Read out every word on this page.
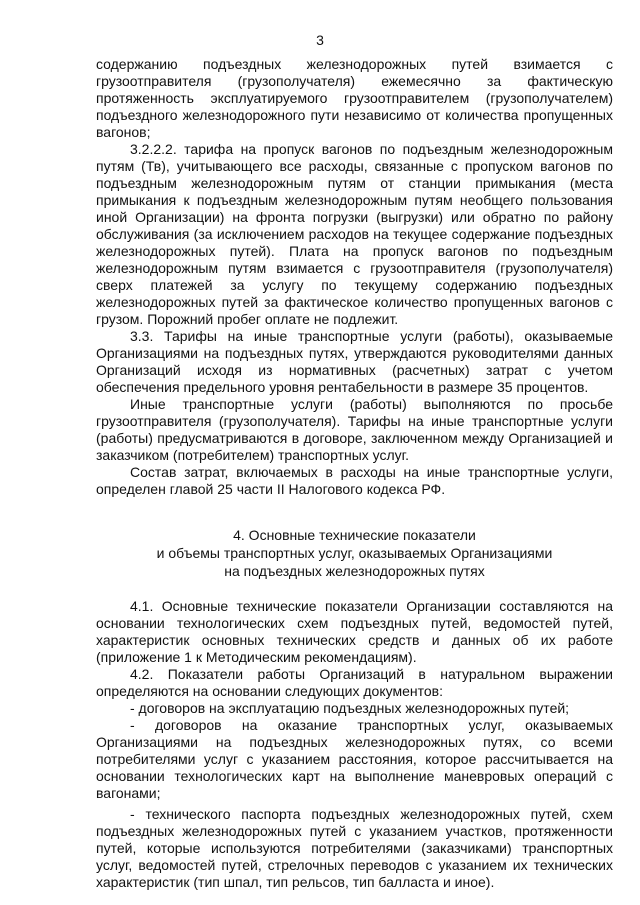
3

содержанию подъездных железнодорожных путей взимается с грузоотправителя (грузополучателя) ежемесячно за фактическую протяженность эксплуатируемого грузоотправителем (грузополучателем) подъездного железнодорожного пути независимо от количества пропущенных вагонов;

3.2.2.2. тарифа на пропуск вагонов по подъездным железнодорожным путям (Тв), учитывающего все расходы, связанные с пропуском вагонов по подъездным железнодорожным путям от станции примыкания (места примыкания к подъездным железнодорожным путям необщего пользования иной Организации) на фронта погрузки (выгрузки) или обратно по району обслуживания (за исключением расходов на текущее содержание подъездных железнодорожных путей). Плата на пропуск вагонов по подъездным железнодорожным путям взимается с грузоотправителя (грузополучателя) сверх платежей за услугу по текущему содержанию подъездных железнодорожных путей за фактическое количество пропущенных вагонов с грузом. Порожний пробег оплате не подлежит.

3.3. Тарифы на иные транспортные услуги (работы), оказываемые Организациями на подъездных путях, утверждаются руководителями данных Организаций исходя из нормативных (расчетных) затрат с учетом обеспечения предельного уровня рентабельности в размере 35 процентов.

Иные транспортные услуги (работы) выполняются по просьбе грузоотправителя (грузополучателя). Тарифы на иные транспортные услуги (работы) предусматриваются в договоре, заключенном между Организацией и заказчиком (потребителем) транспортных услуг.

Состав затрат, включаемых в расходы на иные транспортные услуги, определен главой 25 части II Налогового кодекса РФ.

4. Основные технические показатели
и объемы транспортных услуг, оказываемых Организациями
на подъездных железнодорожных путях

4.1. Основные технические показатели Организации составляются на основании технологических схем подъездных путей, ведомостей путей, характеристик основных технических средств и данных об их работе (приложение 1 к Методическим рекомендациям).

4.2. Показатели работы Организаций в натуральном выражении определяются на основании следующих документов:

- договоров на эксплуатацию подъездных железнодорожных путей;

- договоров на оказание транспортных услуг, оказываемых Организациями на подъездных железнодорожных путях, со всеми потребителями услуг с указанием расстояния, которое рассчитывается на основании технологических карт на выполнение маневровых операций с вагонами;

- технического паспорта подъездных железнодорожных путей, схем подъездных железнодорожных путей с указанием участков, протяженности путей, которые используются потребителями (заказчиками) транспортных услуг, ведомостей путей, стрелочных переводов с указанием их технических характеристик (тип шпал, тип рельсов, тип балласта и иное).
